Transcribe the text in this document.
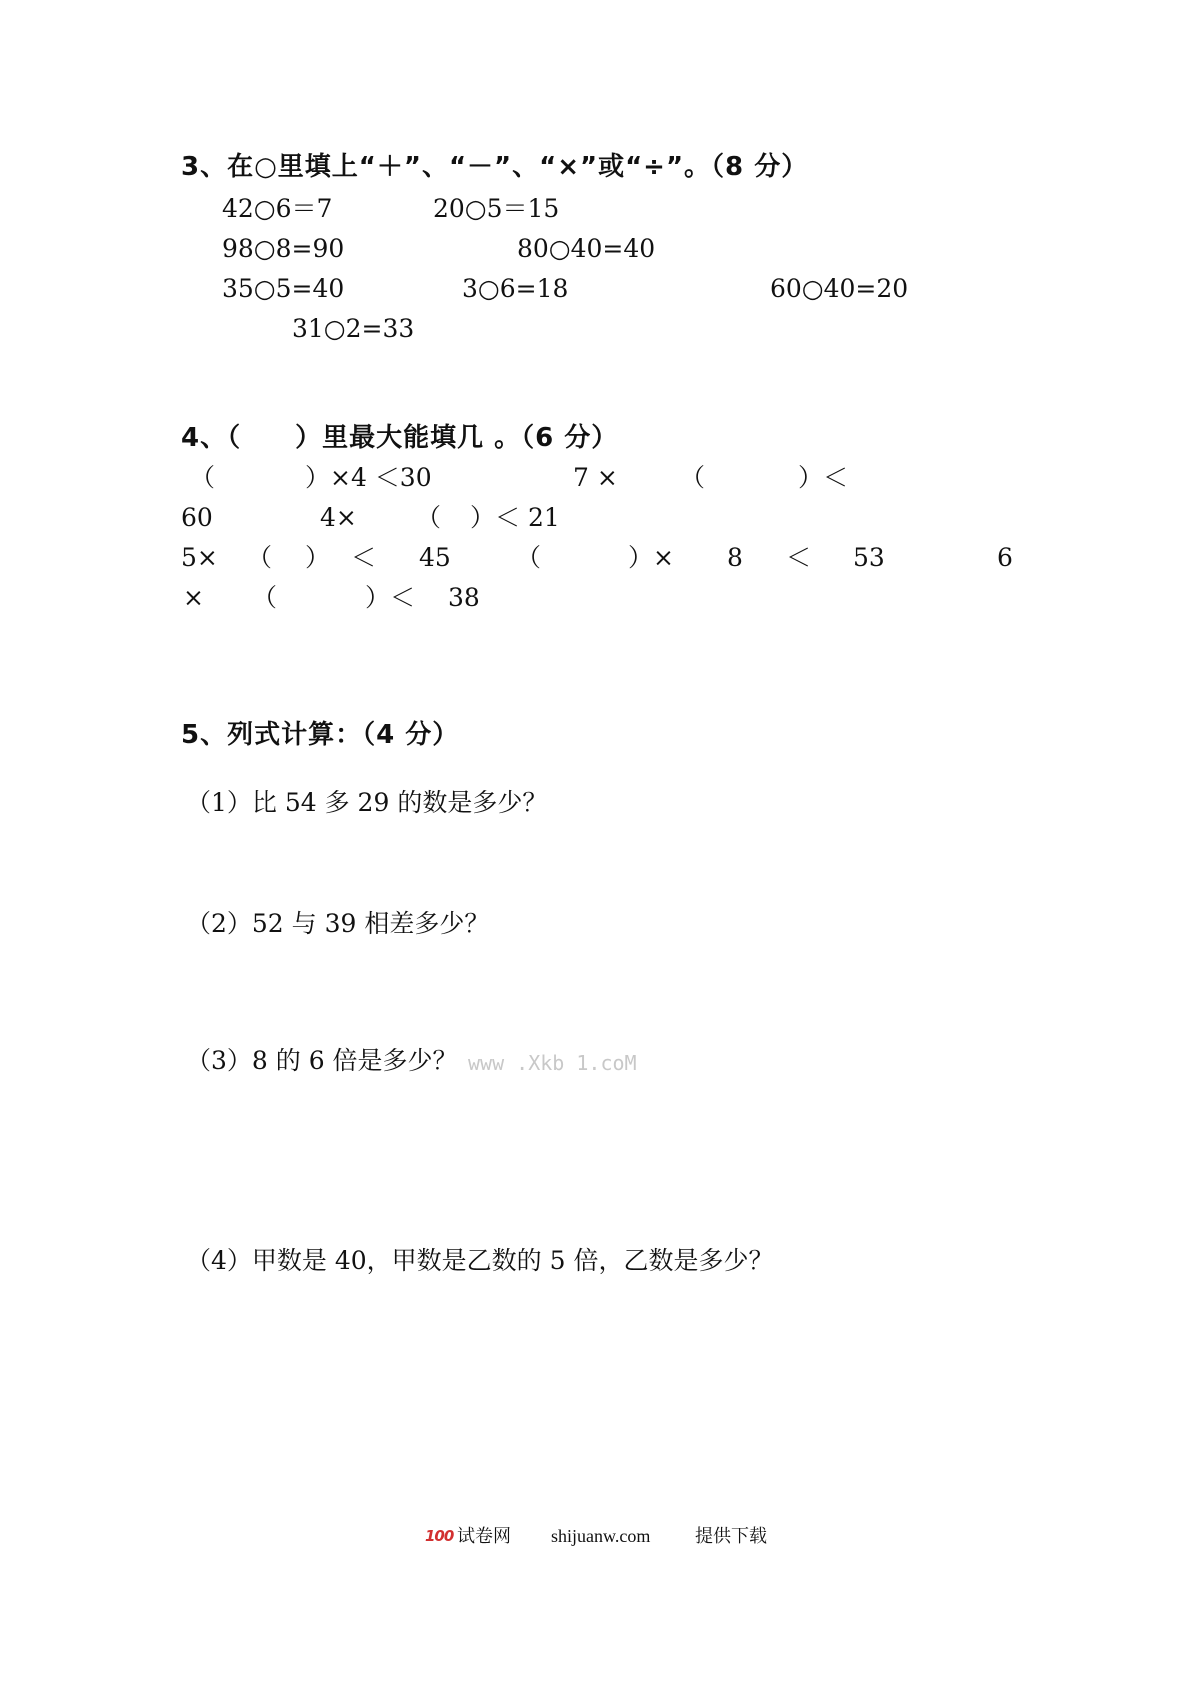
3、在○里填上“＋”、“－”、“×”或“÷”。（8 分）
42○6＝7	20○5＝15
98○8=90	80○40=40
35○5=40	3○6=18	60○40=20
31○2=33
4、（　　）里最大能填几 。（6 分）
（	）×4 ＜30	7 × （	）＜
60	4× （ ）＜ 21
5× （ ） ＜ 45	（	）× 8 ＜ 53	6
× （	）＜ 38
5、列式计算：（4 分）
（1）比 54 多 29 的数是多少？
（2）52 与 39 相差多少？
（3）8 的 6 倍是多少？ www .Xkb 1.coM
（4）甲数是 40，甲数是乙数的 5 倍，乙数是多少？
100 试卷网 shijuanw.com 提供下载
